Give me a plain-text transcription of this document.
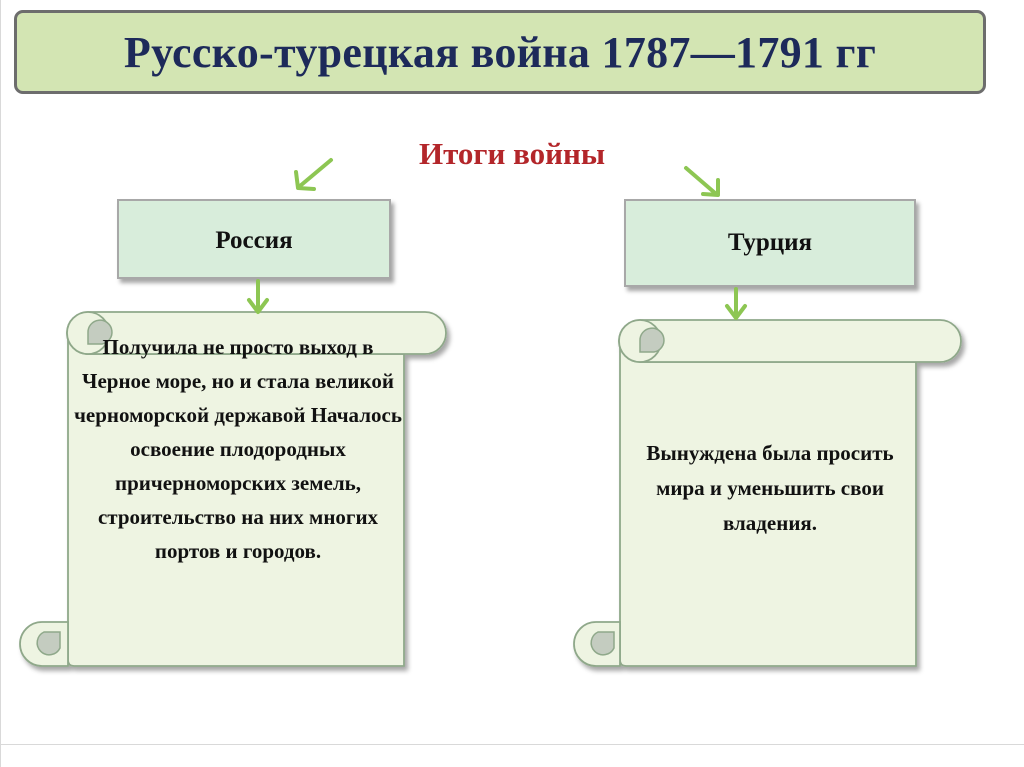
Русско-турецкая война 1787—1791 гг
Итоги войны
Россия	Турция
Получила не просто выход в Черное море, но и стала великой черноморской державой Началось освоение плодородных причерноморских земель, строительство на них многих портов и городов.
Вынуждена была просить мира и уменьшить свои владения.
